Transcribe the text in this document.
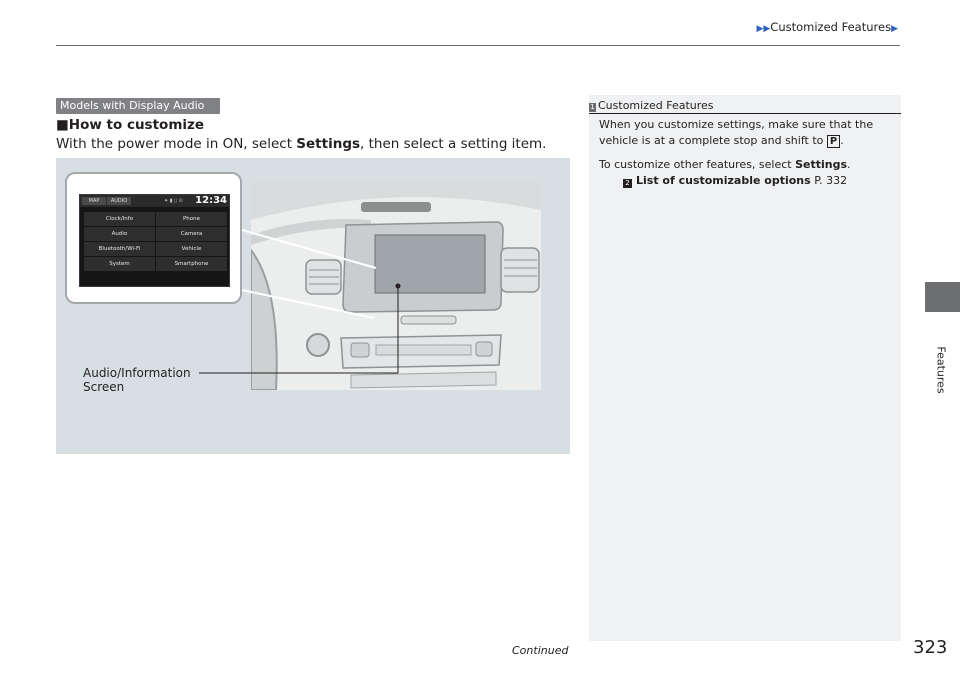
▶▶Customized Features▶
Features
Models with Display Audio
■How to customize
With the power mode in ON, select Settings, then select a setting item.
MAP	AUDIO	✦ ▮ ▯ ⊙ 12:34
Clock/Info	Phone
Audio	Camera
Bluetooth/Wi-Fi	Vehicle
System	Smartphone
Audio/Information
Screen
1 Customized Features

When you customize settings, make sure that the vehicle is at a complete stop and shift to P .

To customize other features, select Settings.

2 List of customizable options P. 332

Continued	323
